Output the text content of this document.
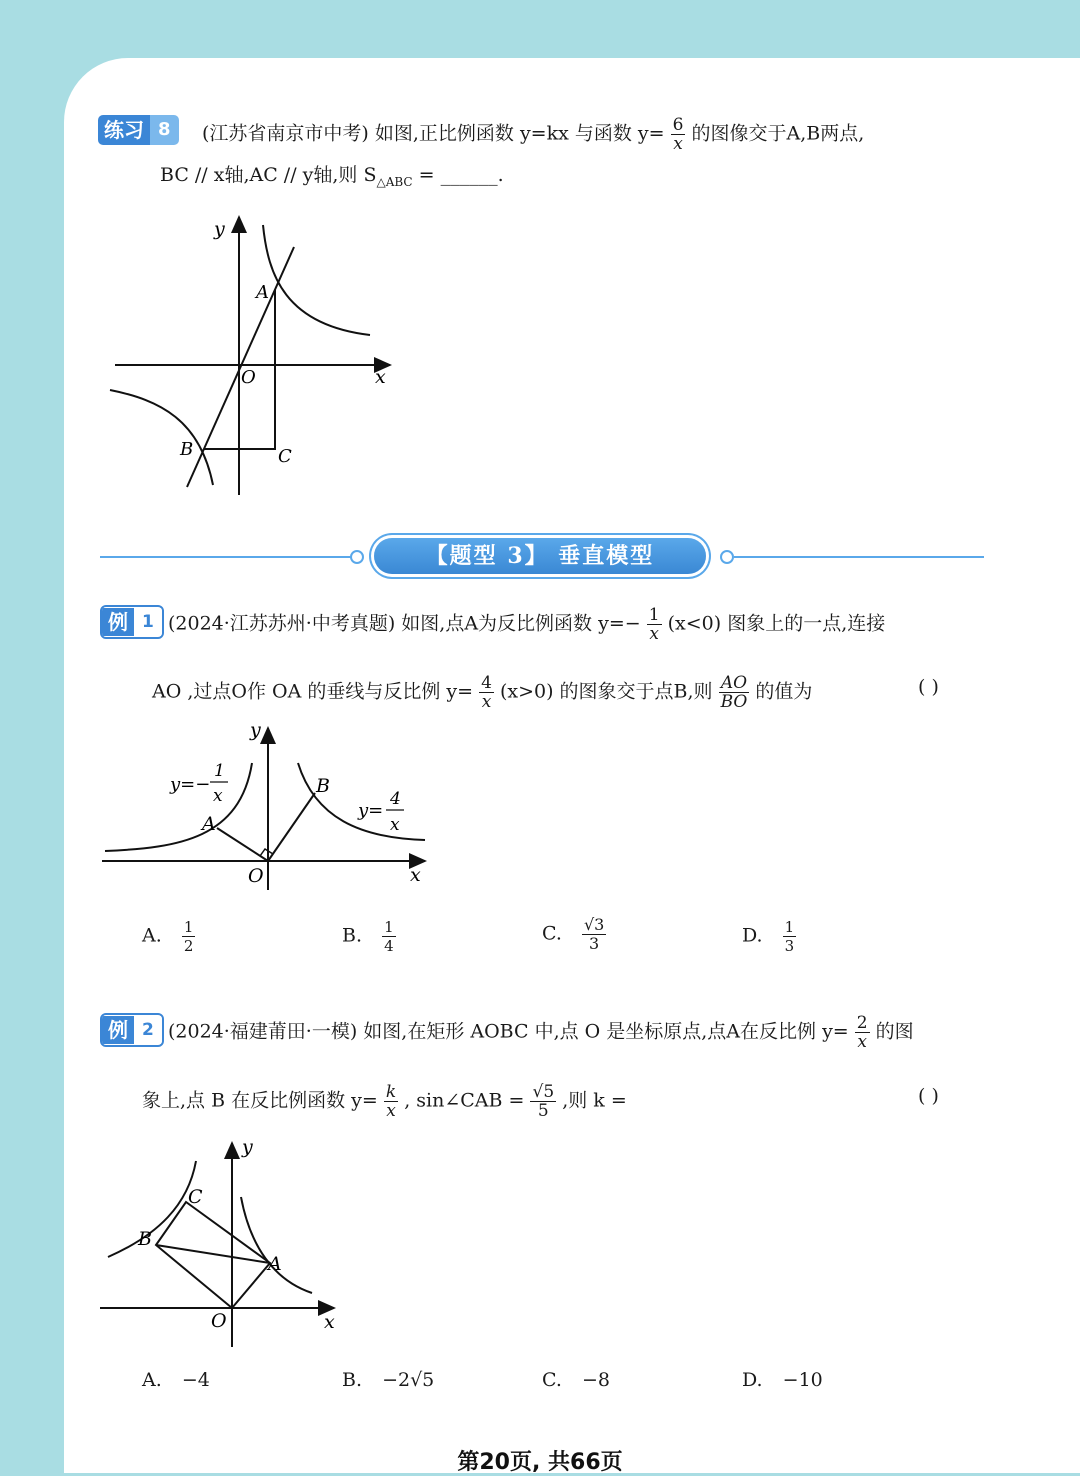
练习 8	(江苏省南京市中考) 如图,正比例函数 y=kx 与函数 $y= \frac{6}{x}$ 的图像交于A,B两点,
BC // x轴,AC // y轴,则 $S_{\triangle ABC}$ = ______.
y
x
O
A
B	C
【题型 3】 垂直模型
例 1 (2024·江苏苏州·中考真题) 如图,点A为反比例函数 $y=- \frac{1}{x} (x<0)$ 图象上的一点,连接
AO ,过点O作 OA 的垂线与反比例 $y= \frac{4}{x} (x>0)$ 的图象交于点B,则 $\frac{AO}{BO}$ 的值为	( )
y
x
O
A
B
y=−
1
x
y=
4
x
A. $\frac{1}{2}$	B. $\frac{1}{4}$	C. $\frac{√3}{3}$	D. $\frac{1}{3}$
例 2 (2024·福建莆田·一模) 如图,在矩形 AOBC 中,点 O 是坐标原点,点A在反比例 $y= \frac{2}{x}$ 的图
象上,点 B 在反比例函数 $y= \frac{k}{x}$ , sin∠CAB = $\frac{√5}{5}$ ,则 k =	( )
y
x
O
A
B
C
A. −4	B. −2√5	C. −8	D. −10
第20页, 共66页
